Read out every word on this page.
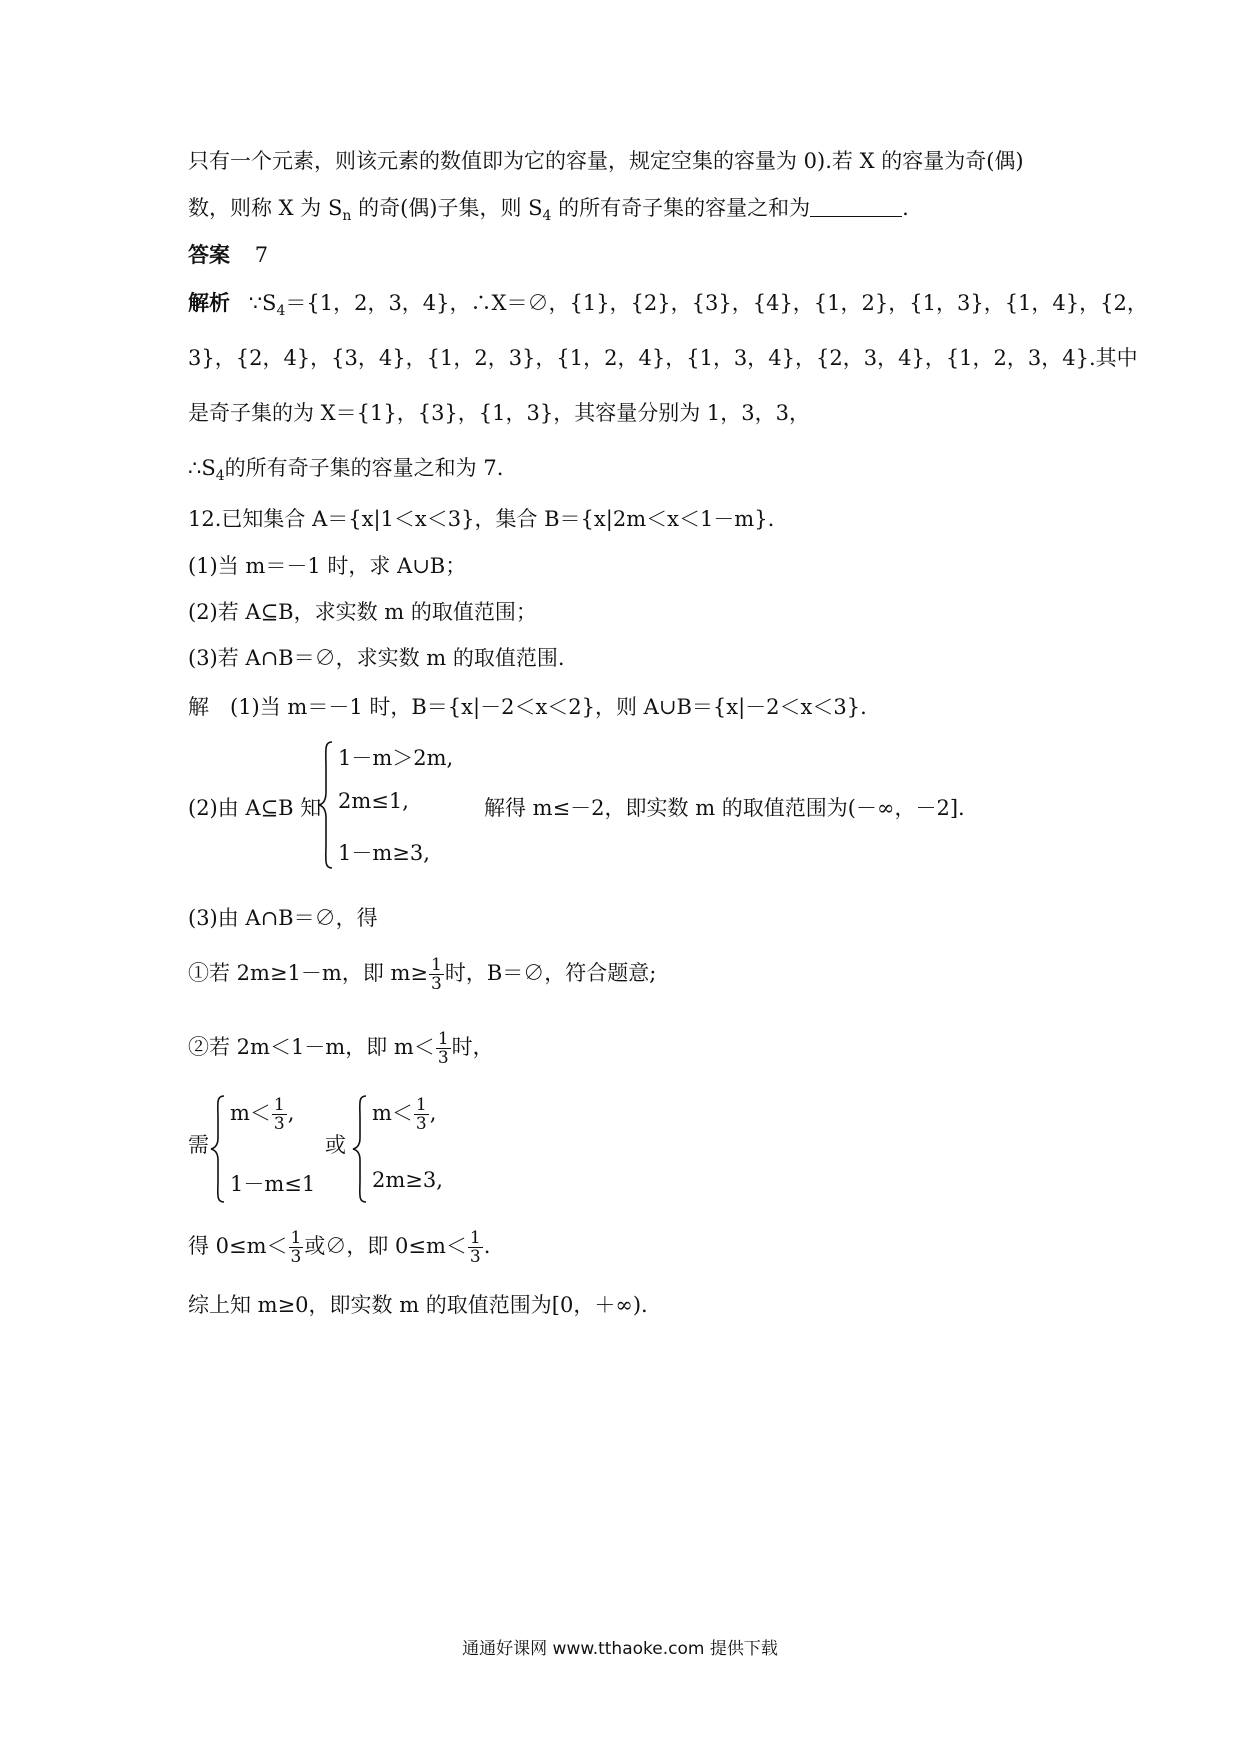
只有一个元素，则该元素的数值即为它的容量，规定空集的容量为 0).若 X 的容量为奇(偶)
数，则称 X 为 $S_n$ 的奇(偶)子集，则 $S_4$ 的所有奇子集的容量之和为	.
答案 7
解析 $\because S_4=\{1$，2，3，4}，∴X＝∅，{1}，{2}，{3}，{4}，{1，2}，{1，3}，{1，4}，{2，
3}，{2，4}，{3，4}，{1，2，3}，{1，2，4}，{1，3，4}，{2，3，4}，{1，2，3，4}.其中
是奇子集的为 X＝{1}，{3}，{1，3}，其容量分别为 1，3，3，
$\therefore S_4$的所有奇子集的容量之和为 7.
12.已知集合 A＝{x|1＜x＜3}，集合 B＝{x|2m＜x＜1－m}.
(1)当 m＝－1 时，求 A∪B；
(2)若 A⊆B，求实数 m 的取值范围；
(3)若 A∩B＝∅，求实数 m 的取值范围.
解　(1)当 m＝－1 时，B＝{x|－2＜x＜2}，则 A∪B＝{x|－2＜x＜3}.
(2)由 A⊆B 知
1－m＞2m,
2m≤1,
1－m≥3,
解得 m≤－2，即实数 m 的取值范围为(－∞，－2].
(3)由 A∩B＝∅，得
①若 2m≥1－m，即 $m\ge \frac{1}{3}$ 时，B＝∅，符合题意;
②若 2m＜1－m，即 $m< \frac{1}{3}$ 时，
需
$m< \frac{1}{3}$ ,
1－m≤1
或
$m< \frac{1}{3}$ ,
2m≥3,
得 $0\le m< \frac{1}{3}$ 或∅，即 $0\le m< \frac{1}{3}$ .
综上知 m≥0，即实数 m 的取值范围为[0，＋∞).
通通好课网 www.tthaoke.com 提供下载
